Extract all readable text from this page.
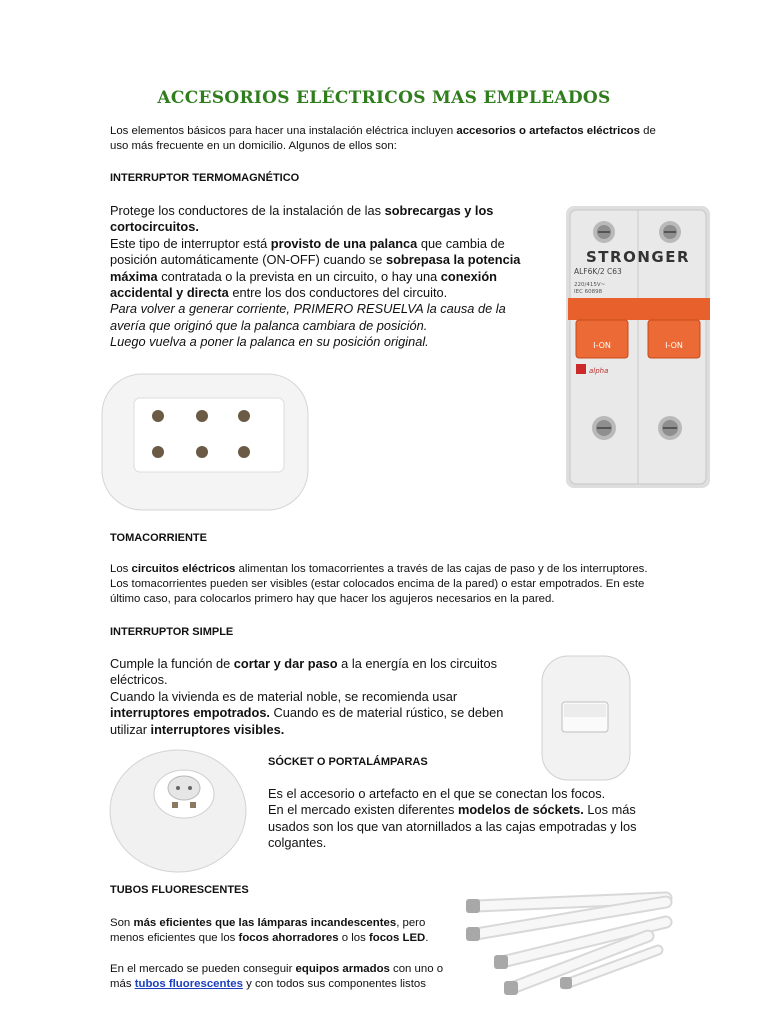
ACCESORIOS ELÉCTRICOS MAS EMPLEADOS

Los elementos básicos para hacer una instalación eléctrica incluyen accesorios o artefactos eléctricos de uso más frecuente en un domicilio. Algunos de ellos son:

INTERRUPTOR TERMOMAGNÉTICO

Protege los conductores de la instalación de las sobrecargas y los cortocircuitos.

Este tipo de interruptor está provisto de una palanca que cambia de posición automáticamente (ON-OFF) cuando se sobrepasa la potencia máxima contratada o la prevista en un circuito, o hay una conexión accidental y directa entre los dos conductores del circuito.

Para volver a generar corriente, PRIMERO RESUELVA la causa de la avería que originó que la palanca cambiara de posición.

Luego vuelva a poner la palanca en su posición original.

STRONGER
ALF6K/2 C63
220/415V~
IEC 60898
I-ON	I-ON
alpha
TOMACORRIENTE

Los circuitos eléctricos alimentan los tomacorrientes a través de las cajas de paso y de los interruptores. Los tomacorrientes pueden ser visibles (estar colocados encima de la pared) o estar empotrados. En este último caso, para colocarlos primero hay que hacer los agujeros necesarios en la pared.

INTERRUPTOR SIMPLE

Cumple la función de cortar y dar paso a la energía en los circuitos eléctricos.

Cuando la vivienda es de material noble, se recomienda usar interruptores empotrados. Cuando es de material rústico, se deben utilizar interruptores visibles.

SÓCKET O PORTALÁMPARAS

Es el accesorio o artefacto en el que se conectan los focos.

En el mercado existen diferentes modelos de sóckets. Los más usados son los que van atornillados a las cajas empotradas y los colgantes.

TUBOS FLUORESCENTES

Son más eficientes que las lámparas incandescentes, pero menos eficientes que los focos ahorradores o los focos LED.

En el mercado se pueden conseguir equipos armados con uno o más tubos fluorescentes y con todos sus componentes listos
